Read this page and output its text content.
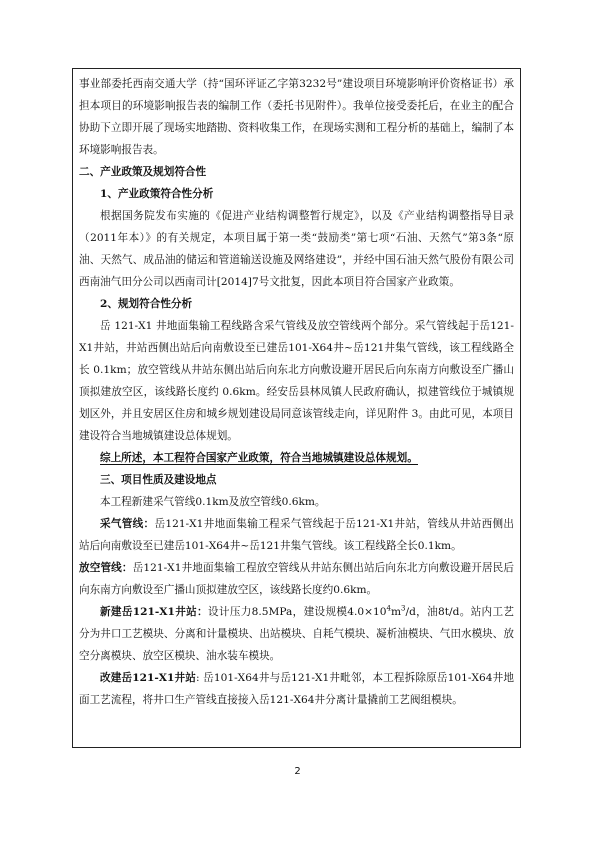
事业部委托西南交通大学（持“国环评证乙字第3232号”建设项目环境影响评价资格证书）承担本项目的环境影响报告表的编制工作（委托书见附件）。我单位接受委托后，在业主的配合协助下立即开展了现场实地踏勘、资料收集工作，在现场实测和工程分析的基础上，编制了本环境影响报告表。

二、产业政策及规划符合性

1、产业政策符合性分析

根据国务院发布实施的《促进产业结构调整暂行规定》，以及《产业结构调整指导目录（2011年本）》的有关规定，本项目属于第一类“鼓励类”第七项“石油、天然气”第3条“原油、天然气、成品油的储运和管道输送设施及网络建设”，并经中国石油天然气股份有限公司西南油气田分公司以西南司计[2014]7号文批复，因此本项目符合国家产业政策。

2、规划符合性分析

岳 121-X1 井地面集输工程线路含采气管线及放空管线两个部分。采气管线起于岳121-X1井站，井站西侧出站后向南敷设至已建岳101-X64井~岳121井集气管线，该工程线路全长 0.1km；放空管线从井站东侧出站后向东北方向敷设避开居民后向东南方向敷设至广播山顶拟建放空区，该线路长度约 0.6km。经安岳县林凤镇人民政府确认，拟建管线位于城镇规划区外，并且安居区住房和城乡规划建设局同意该管线走向，详见附件 3。由此可见，本项目建设符合当地城镇建设总体规划。

综上所述，本工程符合国家产业政策，符合当地城镇建设总体规划。

三、项目性质及建设地点

本工程新建采气管线0.1km及放空管线0.6km。

采气管线：岳121-X1井地面集输工程采气管线起于岳121-X1井站，管线从井站西侧出站后向南敷设至已建岳101-X64井~岳121井集气管线。该工程线路全长0.1km。

放空管线：岳121-X1井地面集输工程放空管线从井站东侧出站后向东北方向敷设避开居民后向东南方向敷设至广播山顶拟建放空区，该线路长度约0.6km。

新建岳121-X1井站：设计压力8.5MPa，建设规模$4.0\times 10^4m^3/d$，油8t/d。站内工艺分为井口工艺模块、分离和计量模块、出站模块、自耗气模块、凝析油模块、气田水模块、放空分离模块、放空区模块、油水装车模块。

改建岳121-X1井站: 岳101-X64井与岳121-X1井毗邻，本工程拆除原岳101-X64井地面工艺流程，将井口生产管线直接接入岳121-X64井分离计量撬前工艺阀组模块。

2
